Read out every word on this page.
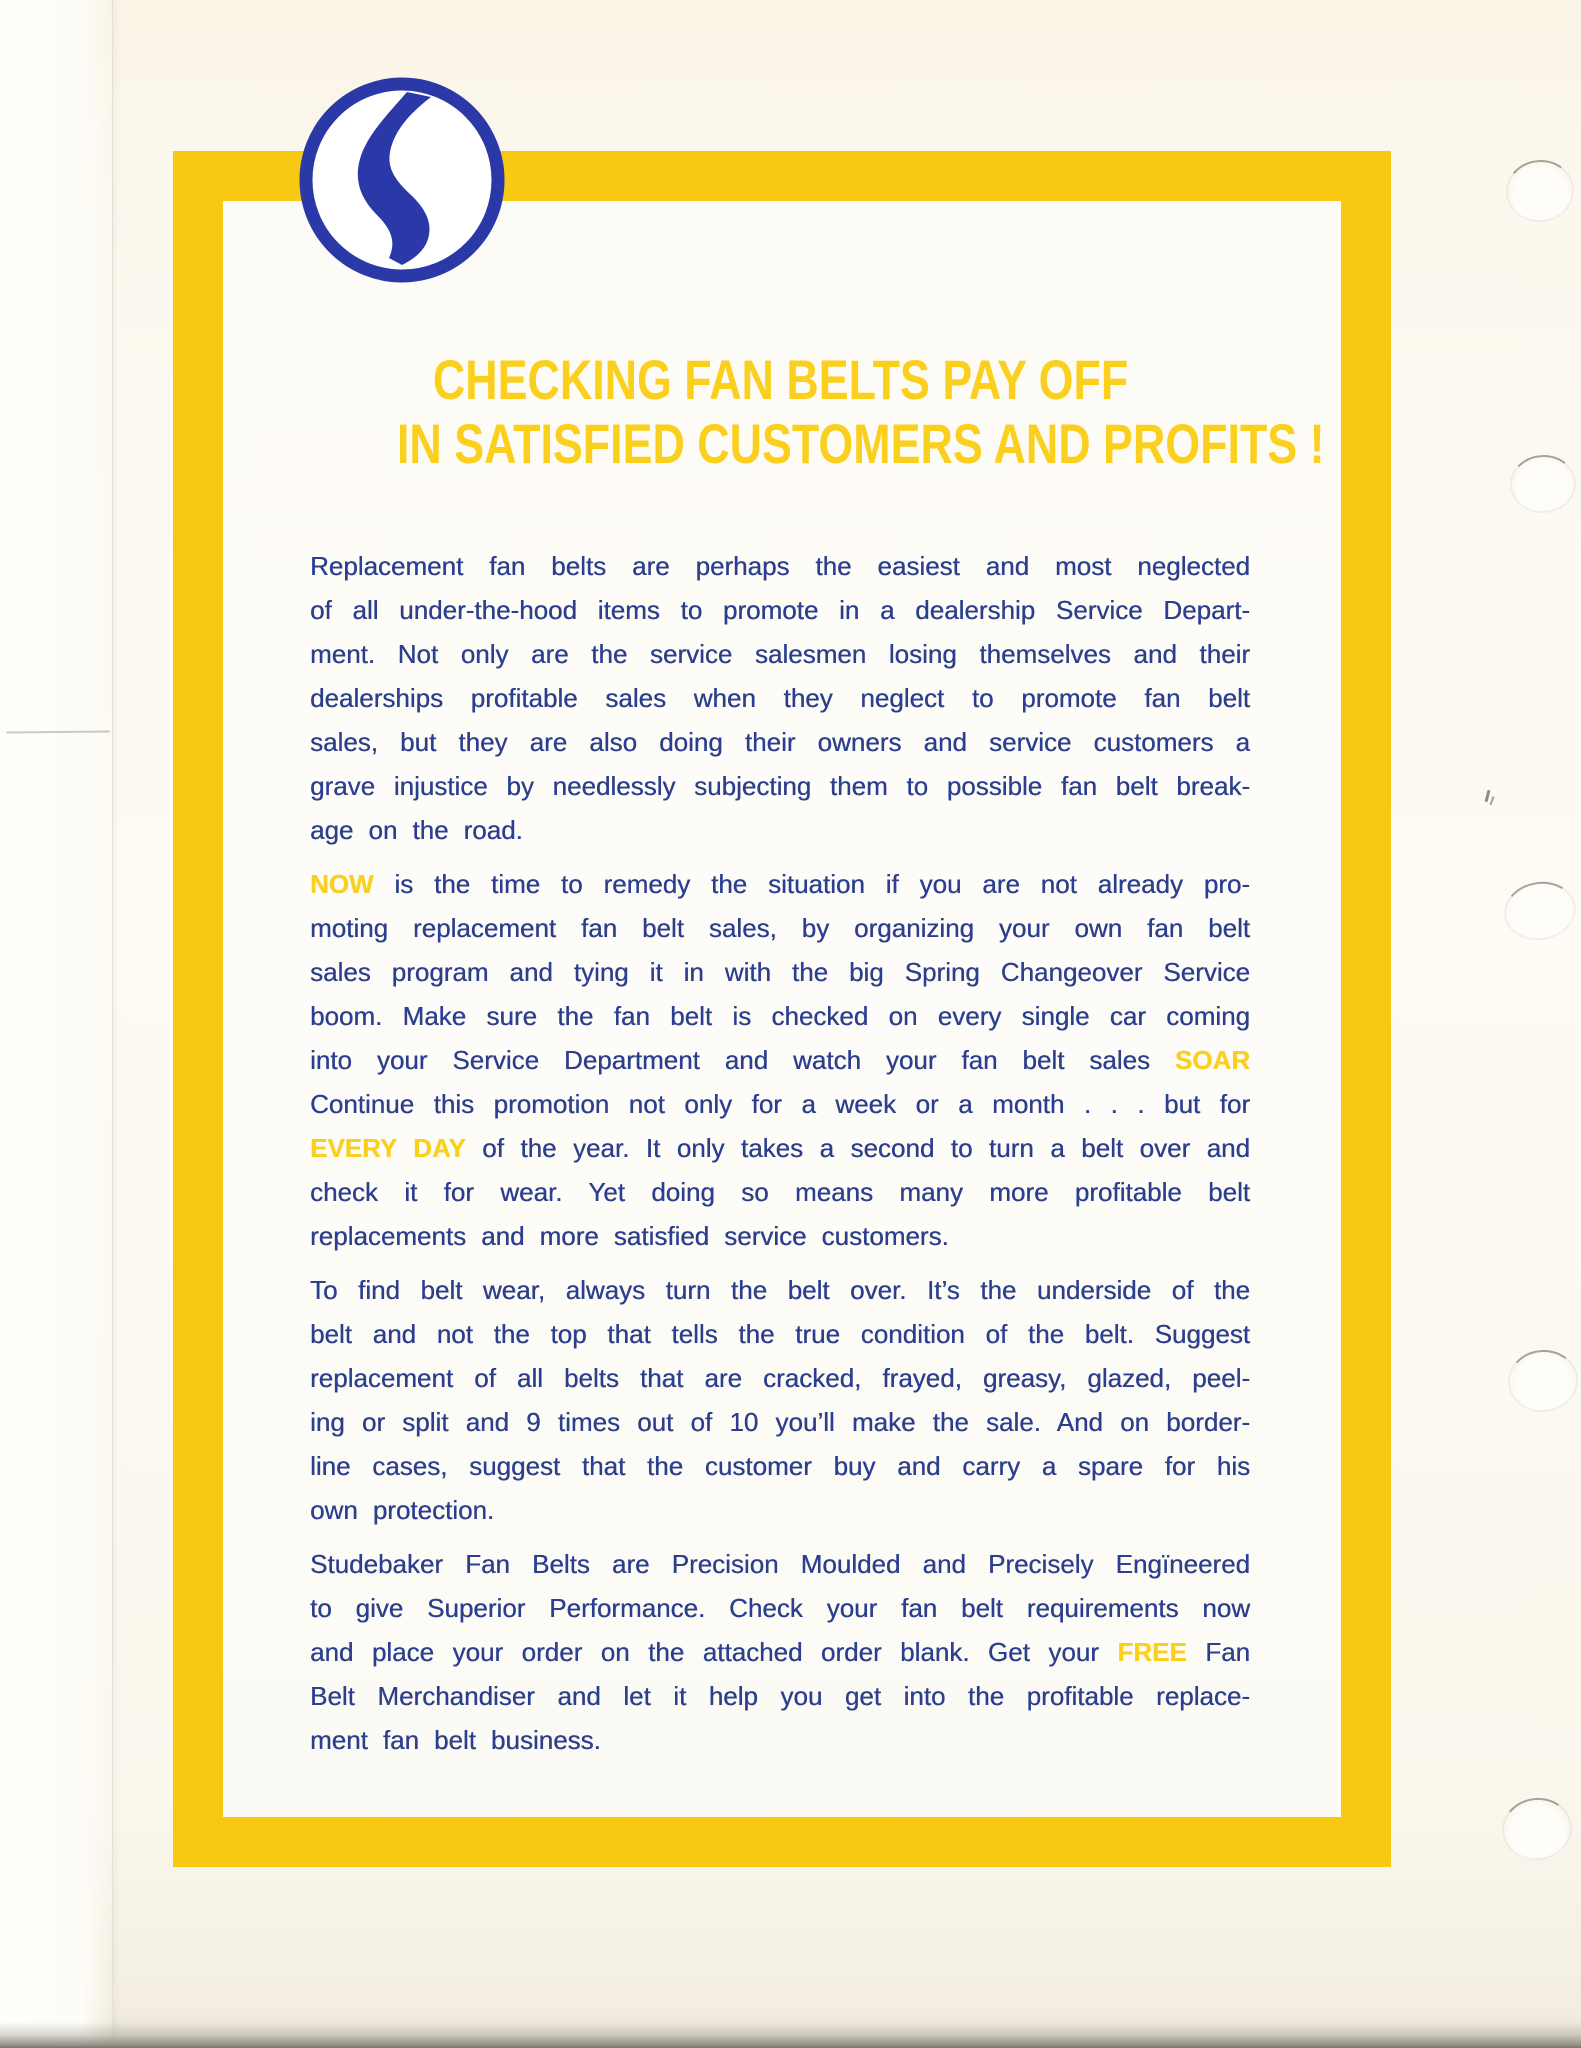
CHECKING FAN BELTS PAY OFF
IN SATISFIED CUSTOMERS AND PROFITS !
Replacement fan belts are perhaps the easiest and most neglected
of all under-the-hood items to promote in a dealership Service Depart-
ment. Not only are the service salesmen losing themselves and their
dealerships profitable sales when they neglect to promote fan belt
sales, but they are also doing their owners and service customers a
grave injustice by needlessly subjecting them to possible fan belt break-
age on the road.
NOW is the time to remedy the situation if you are not already pro-
moting replacement fan belt sales, by organizing your own fan belt
sales program and tying it in with the big Spring Changeover Service
boom. Make sure the fan belt is checked on every single car coming
into your Service Department and watch your fan belt sales SOAR
Continue this promotion not only for a week or a month . . . but for
EVERY DAY of the year. It only takes a second to turn a belt over and
check it for wear. Yet doing so means many more profitable belt
replacements and more satisfied service customers.
To find belt wear, always turn the belt over. It’s the underside of the
belt and not the top that tells the true condition of the belt. Suggest
replacement of all belts that are cracked, frayed, greasy, glazed, peel-
ing or split and 9 times out of 10 you’ll make the sale. And on border-
line cases, suggest that the customer buy and carry a spare for his
own protection.
Studebaker Fan Belts are Precision Moulded and Precisely Engïneered
to give Superior Performance. Check your fan belt requirements now
and place your order on the attached order blank. Get your FREE Fan
Belt Merchandiser and let it help you get into the profitable replace-
ment fan belt business.
